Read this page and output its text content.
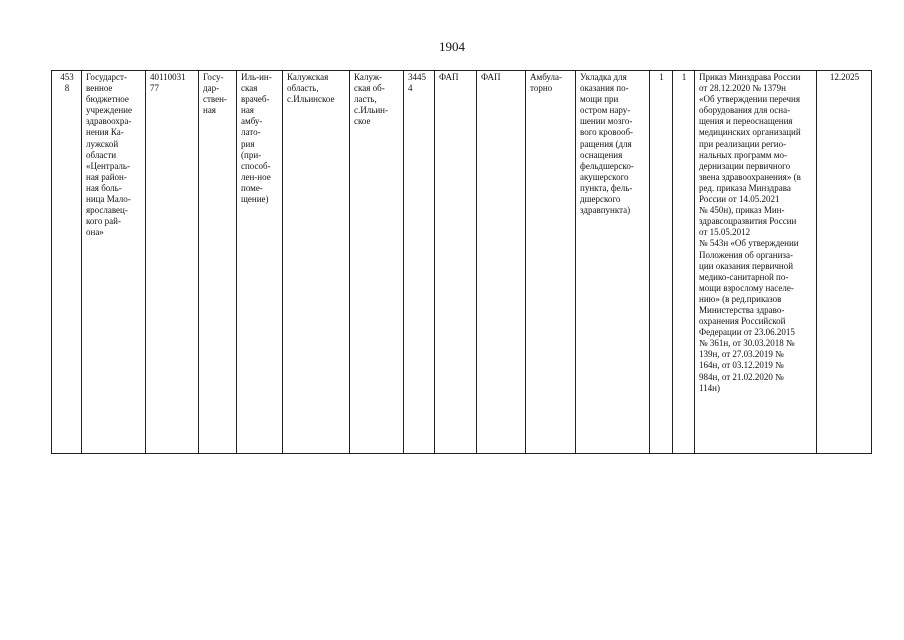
1904
453
8	Государст-
венное
бюджетное
учреждение
здравоохра-
нения Ка-
лужской
области
«Централь-
ная район-
ная боль-
ница Мало-
ярославец-
кого рай-
она»	40110031
77	Госу-
дар-
ствен-
ная	Иль-ин-
ская
врачеб-
ная
амбу-
лато-
рия
(при-
способ-
лен-ное
поме-
щение)	Калужская
область,
с.Ильинское	Калуж-
ская об-
ласть,
с.Ильин-
ское	3445
4	ФАП	ФАП	Амбула-
торно	Укладка для
оказания по-
мощи при
остром нару-
шении мозго-
вого кровооб-
ращения (для
оснащения
фельдшерско-
акушерского
пункта, фель-
дшерского
здравпункта)	1	1	Приказ Минздрава России
от 28.12.2020 № 1379н
«Об утверждении перечня
оборудования для осна-
щения и переоснащения
медицинских организаций
при реализации регио-
нальных программ мо-
дернизации первичного
звена здравоохранения» (в
ред. приказа Минздрава
России от 14.05.2021
№ 450н), приказ Мин-
здравсоцразвития России
от 15.05.2012
№ 543н «Об утверждении
Положения об организа-
ции оказания первичной
медико-санитарной по-
мощи взрослому населе-
нию» (в ред.приказов
Министерства здраво-
охранения Российской
Федерации от 23.06.2015
№ 361н, от 30.03.2018 №
139н, от 27.03.2019 №
164н, от 03.12.2019 №
984н, от 21.02.2020 №
114н)	12.2025
